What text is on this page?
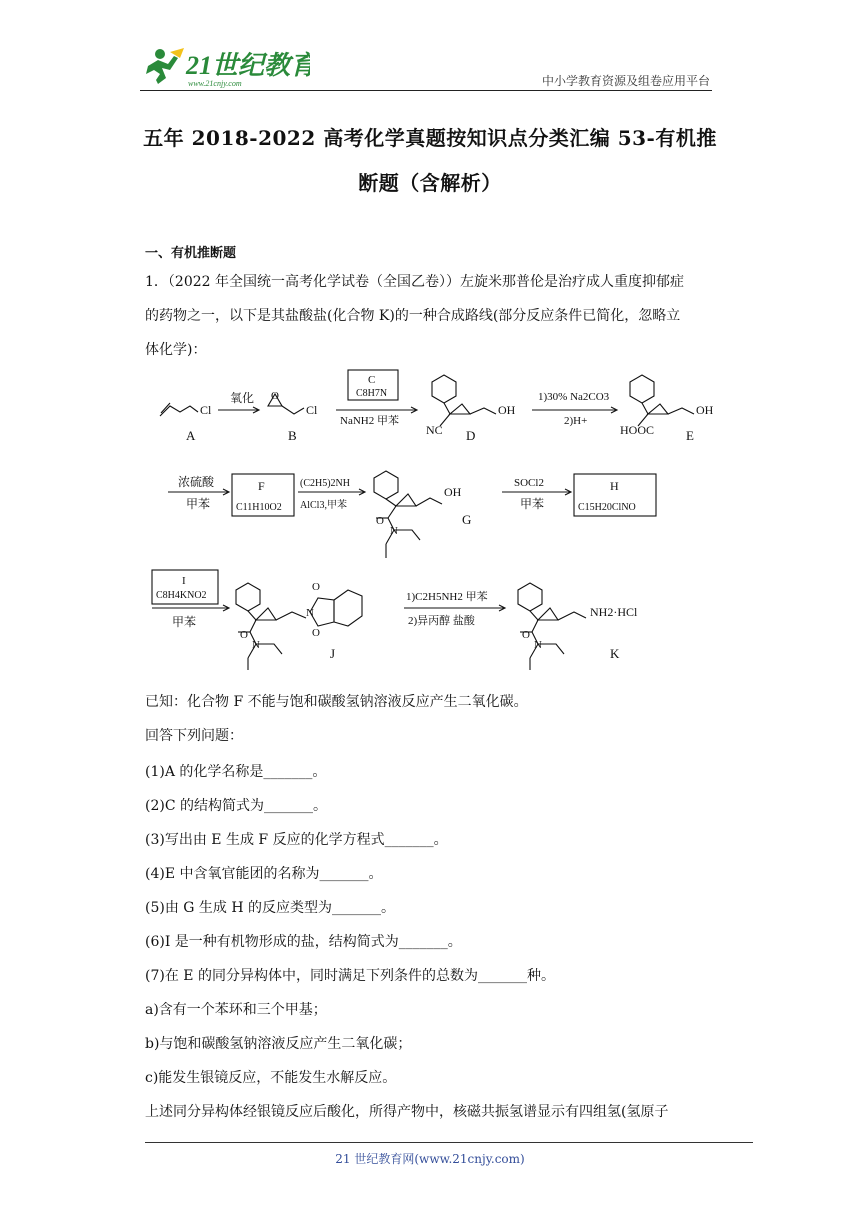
21世纪教育
www.21cnjy.com	中小学教育资源及组卷应用平台
五年 2018-2022 高考化学真题按知识点分类汇编 53-有机推
断题（含解析）
一、有机推断题
1．（2022 年全国统一高考化学试卷（全国乙卷））左旋米那普伦是治疗成人重度抑郁症
的药物之一，以下是其盐酸盐(化合物 K)的一种合成路线(部分反应条件已简化，忽略立
体化学)：
Cl	Cl
O
氧化
C
C8H7N
NaNH2 甲苯
OH
NC
1)30% Na2CO3
2)H+
OH
HOOC
A	B	D	E
浓硫酸
甲苯
F
C11H10O2
(C2H5)2NH
AlCl3,甲苯
OH
O
N
G
SOCl2
甲苯
H
C15H20ClNO
I
C8H4KNO2
甲苯
N
O
O
O
N
J
1)C2H5NH2 甲苯
2)异丙醇 盐酸
O
N
NH2·HCl
K
已知：化合物 F 不能与饱和碳酸氢钠溶液反应产生二氧化碳。
回答下列问题：
(1)A 的化学名称是_______。
(2)C 的结构简式为_______。
(3)写出由 E 生成 F 反应的化学方程式_______。
(4)E 中含氧官能团的名称为_______。
(5)由 G 生成 H 的反应类型为_______。
(6)I 是一种有机物形成的盐，结构简式为_______。
(7)在 E 的同分异构体中，同时满足下列条件的总数为_______种。
a)含有一个苯环和三个甲基；
b)与饱和碳酸氢钠溶液反应产生二氧化碳；
c)能发生银镜反应，不能发生水解反应。
上述同分异构体经银镜反应后酸化，所得产物中，核磁共振氢谱显示有四组氢(氢原子
21 世纪教育网(www.21cnjy.com)
